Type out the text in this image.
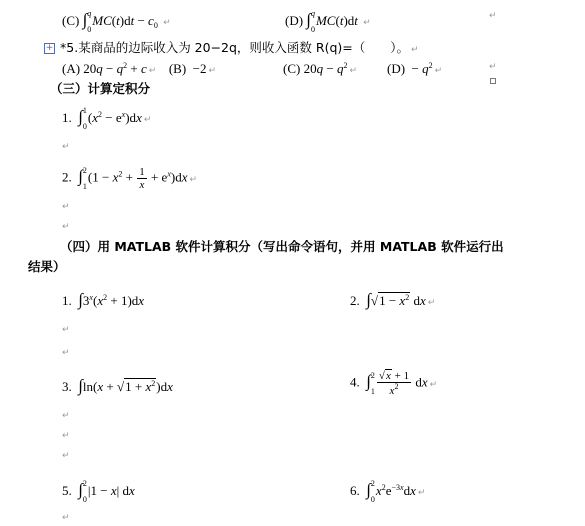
(C) ∫ q
0
$MC(t)dt - c_0$ ↵	(D) ∫ q
0
MC(t)dt ↵
↵
+ *5.某商品的边际收入为 20−2q，则收入函数 R(q)=（　　）。 ↵
(A) $20q - q^2 + c$ ↵ (B)  −2 ↵	(C) $20q - q^2↵$ $(D) - q^2↵$	↵
（三）计算定积分
1. ∫ 1
0
$(x^2 - e^x)dx$ ↵
↵
2. ∫ 2
1
$(1 - x^2 + \frac{1}{x} + e^x)dx$ ↵
↵
↵
（四）用 MATLAB 软件计算积分（写出命令语句，并用 MATLAB 软件运行出
结果）
1. $\int 3^x(x^2 + 1)dx$	2. $\int√1 - x^2$ dx ↵
↵
↵
3. $\int\ln(x + √1 + x^2)dx$	4. ∫ 2
$1 \frac{√x + 1}{x^2}$ dx ↵
↵
↵
↵
5. ∫ 2
0
|1 − x| dx	6. ∫ 2
0
$x^2e^{-3x}dx$ ↵
↵
